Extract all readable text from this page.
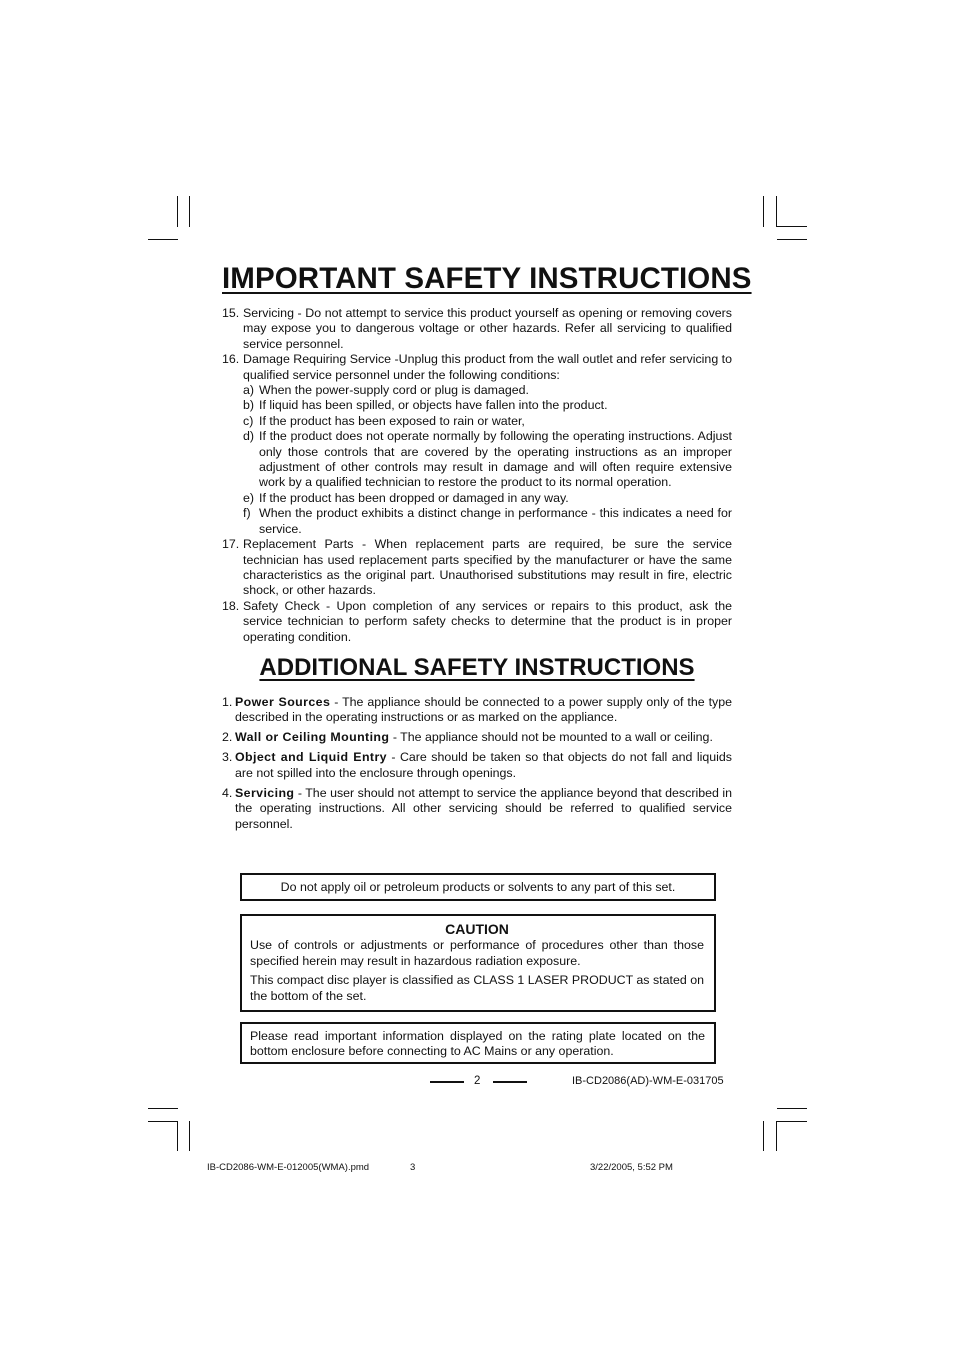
IMPORTANT SAFETY INSTRUCTIONS
15. Servicing - Do not attempt to service this product yourself as opening or removing covers may expose you to dangerous voltage or other hazards. Refer all servicing to qualified service personnel.
16. Damage Requiring Service -Unplug this product from the wall outlet and refer servicing to qualified service personnel under the following conditions:
a) When the power-supply cord or plug is damaged.
b) If liquid has been spilled, or objects have fallen into the product.
c) If the product has been exposed to rain or water,
d) If the product does not operate normally by following the operating instructions. Adjust only those controls that are covered by the operating instructions as an improper adjustment of other controls may result in damage and will often require extensive work by a qualified technician to restore the product to its normal operation.
e) If the product has been dropped or damaged in any way.
f) When the product exhibits a distinct change in performance - this indicates a need for service.
17. Replacement Parts - When replacement parts are required, be sure the service technician has used replacement parts specified by the manufacturer or have the same characteristics as the original part. Unauthorised substitutions may result in fire, electric shock, or other hazards.
18. Safety Check - Upon completion of any services or repairs to this product, ask the service technician to perform safety checks to determine that the product is in proper operating condition.
ADDITIONAL SAFETY INSTRUCTIONS
1. Power Sources - The appliance should be connected to a power supply only of the type described in the operating instructions or as marked on the appliance.
2. Wall or Ceiling Mounting - The appliance should not be mounted to a wall or ceiling.
3. Object and Liquid Entry - Care should be taken so that objects do not fall and liquids are not spilled into the enclosure through openings.
4. Servicing - The user should not attempt to service the appliance beyond that described in the operating instructions. All other servicing should be referred to qualified service personnel.
Do not apply oil or petroleum products or solvents to any part of this set.
CAUTION
Use of controls or adjustments or performance of procedures other than those specified herein may result in hazardous radiation exposure.
This compact disc player is classified as CLASS 1 LASER PRODUCT as stated on the bottom of the set.
Please read important information displayed on the rating plate located on the bottom enclosure before connecting to AC Mains or any operation.
2	IB-CD2086(AD)-WM-E-031705
IB-CD2086-WM-E-012005(WMA).pmd	3	3/22/2005, 5:52 PM
